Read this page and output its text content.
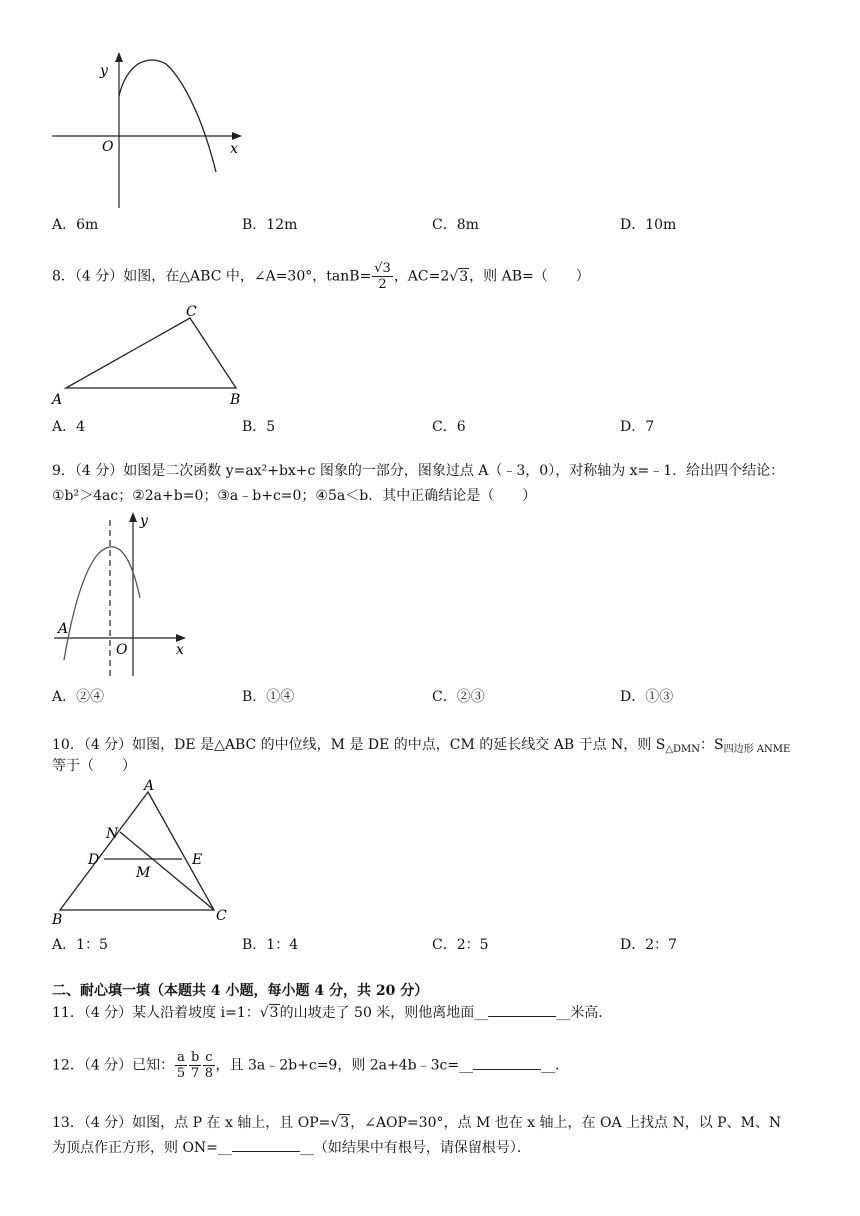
y
x
O
A．6m	B．12m	C．8m	D．10m
8．（4 分）如图，在△ABC 中，∠A=30°，$\tan B= \frac{√3}{2}$ ，AC=2√3，则 AB=（　　）
A	B
C
A．4	B．5	C．6	D．7
9．（4 分）如图是二次函数 y=ax²+bx+c 图象的一部分，图象过点 A（﹣3，0），对称轴为 x=﹣1．给出四个结论：
①b²＞4ac；②2a+b=0；③a﹣b+c=0；④5a＜b．其中正确结论是（　　）
y
x
O
A
A．②④	B．①④	C．②③	D．①③
10．（4 分）如图，DE 是△ABC 的中位线，M 是 DE 的中点，CM 的延长线交 AB 于点 N，则 $S_{\triangle DMN}$：$S_{四边形 ANME}$
等于（　　）
A
N
D	E
M
B	C
A．1：5	B．1：4	C．2：5	D．2：7
二、耐心填一填（本题共 4 小题，每小题 4 分，共 20 分）
11．（4 分）某人沿着坡度 i=1：√3的山坡走了 50 米，则他离地面__	__米高．
12．（4 分）已知： $\frac{a}{5} \frac{b}{7} \frac{c}{8}$ ，且 3a﹣2b+c=9，则 2a+4b﹣3c=__	__．
13．（4 分）如图，点 P 在 x 轴上，且 OP=√3，∠AOP=30°，点 M 也在 x 轴上，在 OA 上找点 N，以 P、M、N
为顶点作正方形，则 ON=__	__（如结果中有根号，请保留根号）．
